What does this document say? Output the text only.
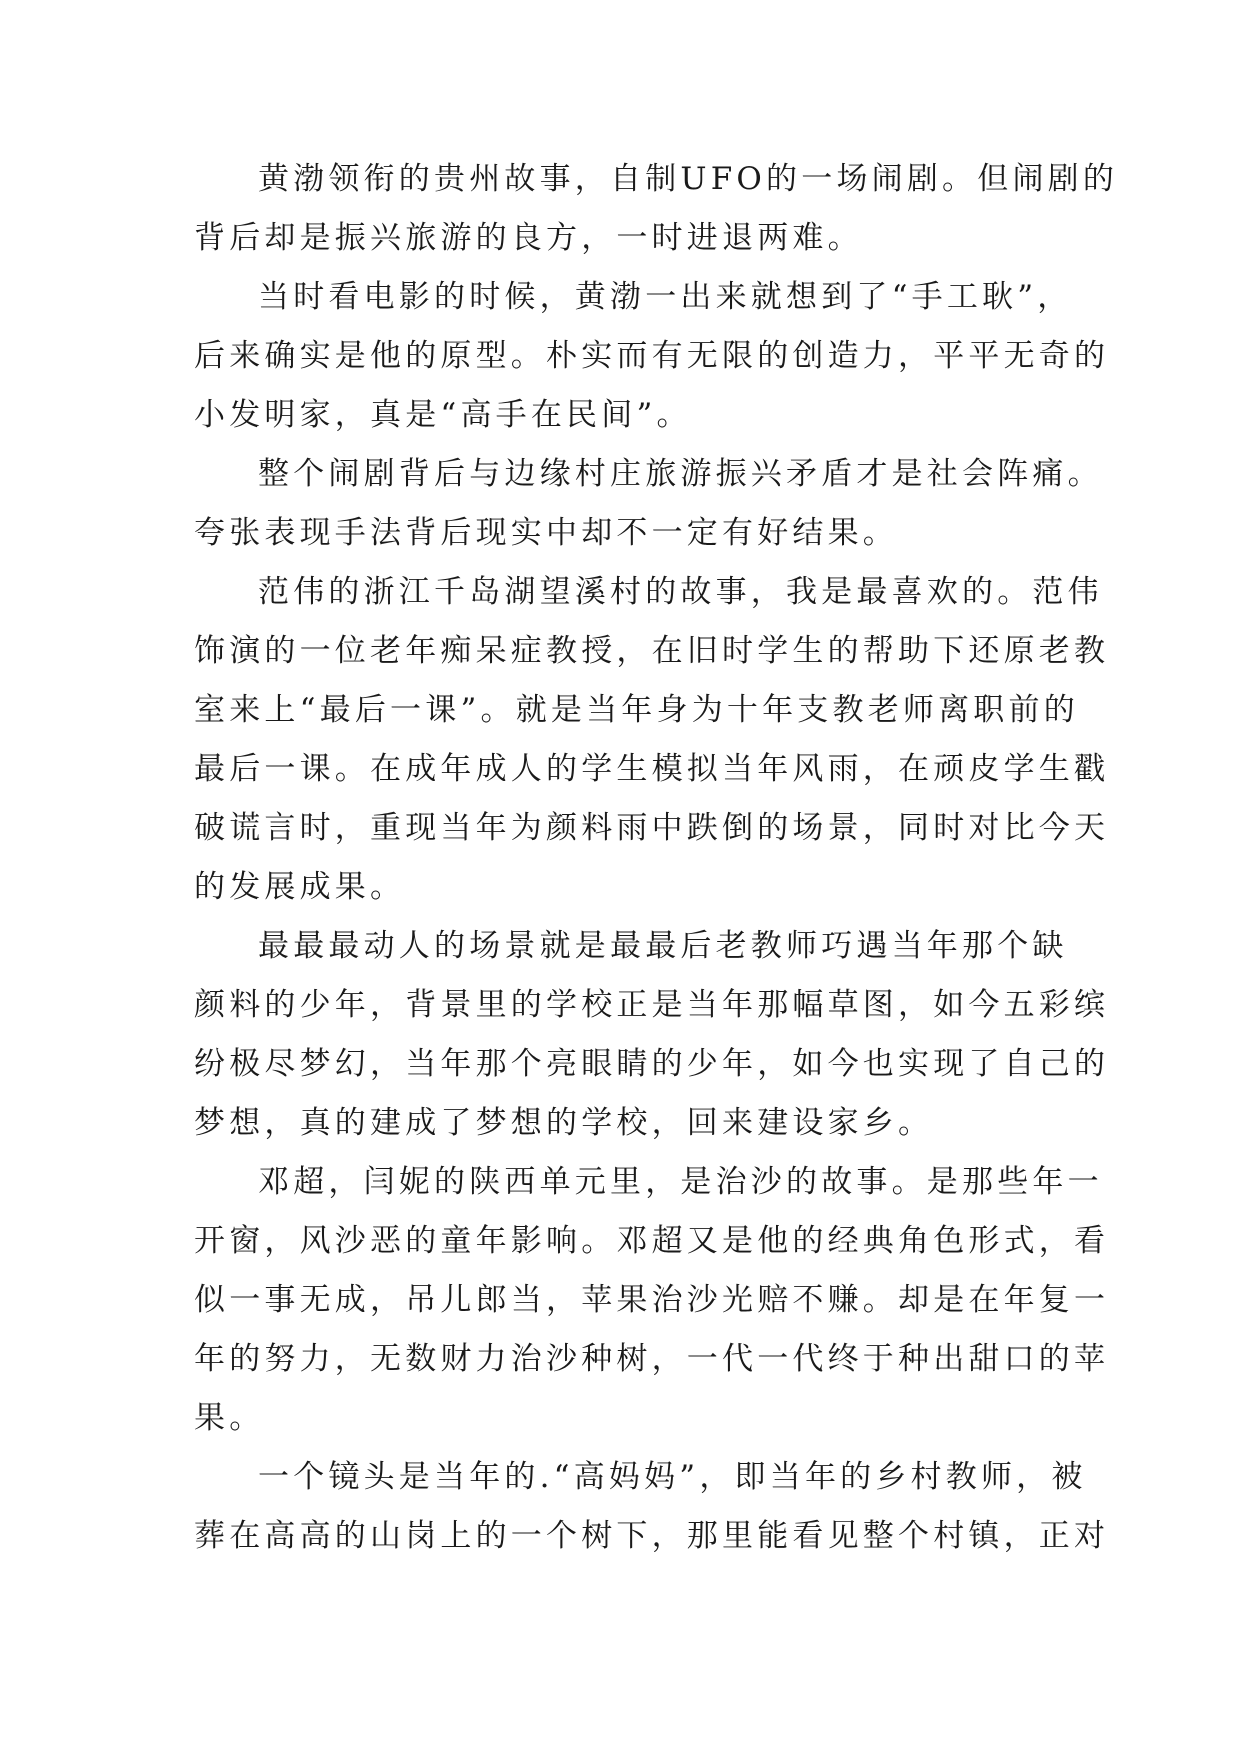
黄渤领衔的贵州故事，自制UFO的一场闹剧。但闹剧的
背后却是振兴旅游的良方，一时进退两难。
当时看电影的时候，黄渤一出来就想到了“手工耿”，
后来确实是他的原型。朴实而有无限的创造力，平平无奇的
小发明家，真是“高手在民间”。
整个闹剧背后与边缘村庄旅游振兴矛盾才是社会阵痛。
夸张表现手法背后现实中却不一定有好结果。
范伟的浙江千岛湖望溪村的故事，我是最喜欢的。范伟
饰演的一位老年痴呆症教授，在旧时学生的帮助下还原老教
室来上“最后一课”。就是当年身为十年支教老师离职前的
最后一课。在成年成人的学生模拟当年风雨，在顽皮学生戳
破谎言时，重现当年为颜料雨中跌倒的场景，同时对比今天
的发展成果。
最最最动人的场景就是最最后老教师巧遇当年那个缺
颜料的少年，背景里的学校正是当年那幅草图，如今五彩缤
纷极尽梦幻，当年那个亮眼睛的少年，如今也实现了自己的
梦想，真的建成了梦想的学校，回来建设家乡。
邓超，闫妮的陕西单元里，是治沙的故事。是那些年一
开窗，风沙恶的童年影响。邓超又是他的经典角色形式，看
似一事无成，吊儿郎当，苹果治沙光赔不赚。却是在年复一
年的努力，无数财力治沙种树，一代一代终于种出甜口的苹
果。
一个镜头是当年的.“高妈妈”，即当年的乡村教师，被
葬在高高的山岗上的一个树下，那里能看见整个村镇，正对
